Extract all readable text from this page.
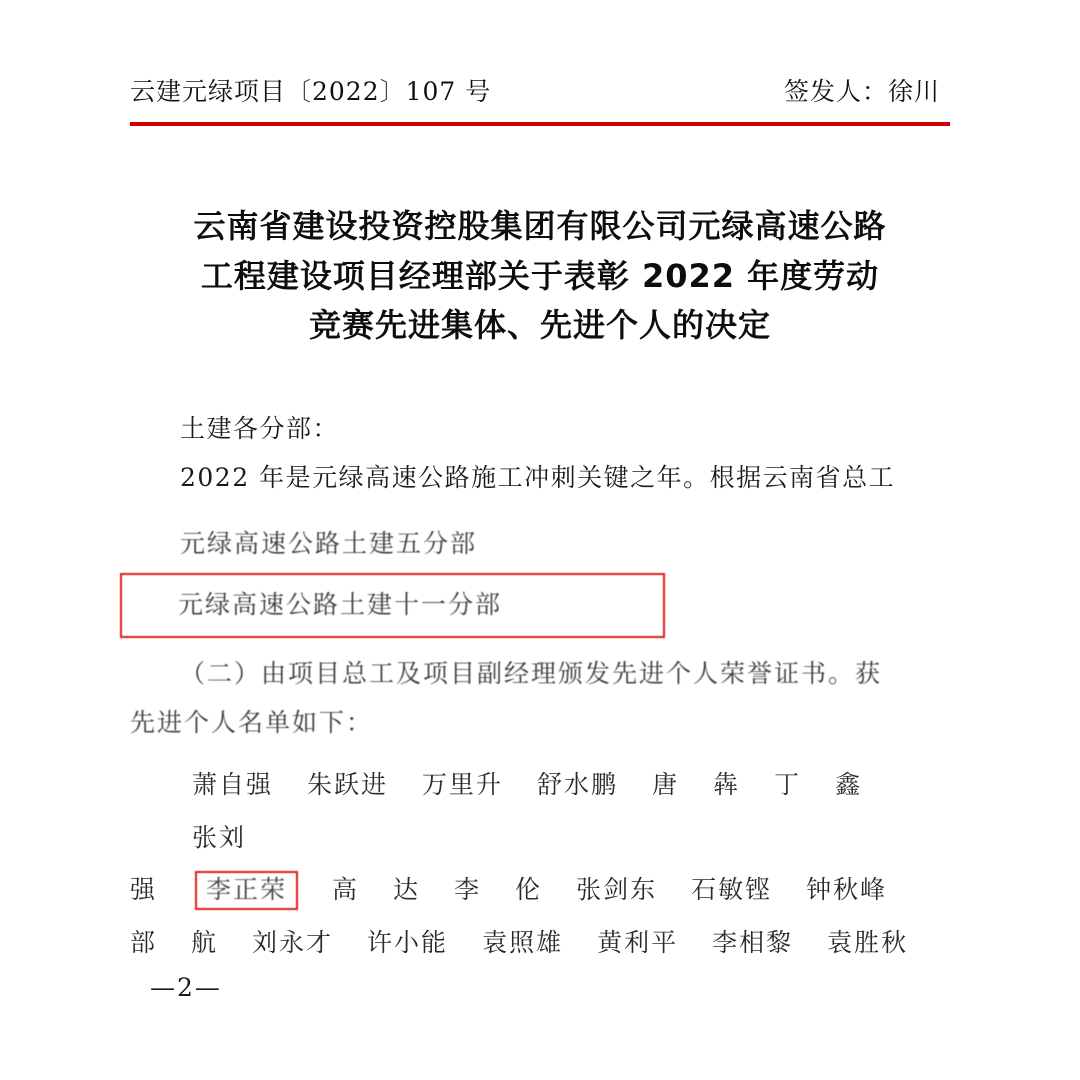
云建元绿项目〔2022〕107 号	签发人：徐川
云南省建设投资控股集团有限公司元绿高速公路
工程建设项目经理部关于表彰 2022 年度劳动
竞赛先进集体、先进个人的决定

土建各分部：

2022 年是元绿高速公路施工冲刺关键之年。根据云南省总工

元绿高速公路土建五分部

元绿高速公路土建十一分部

（二）由项目总工及项目副经理颁发先进个人荣誉证书。获

先进个人名单如下：

萧自强 朱跃进 万里升 舒水鹏 唐 犇 丁 鑫
张刘
强	李正荣	高 达 李 伦 张剑东 石敏铿 钟秋峰
部 航 刘永才 许小能 袁照雄 黄利平 李相黎 袁胜秋
—2—
